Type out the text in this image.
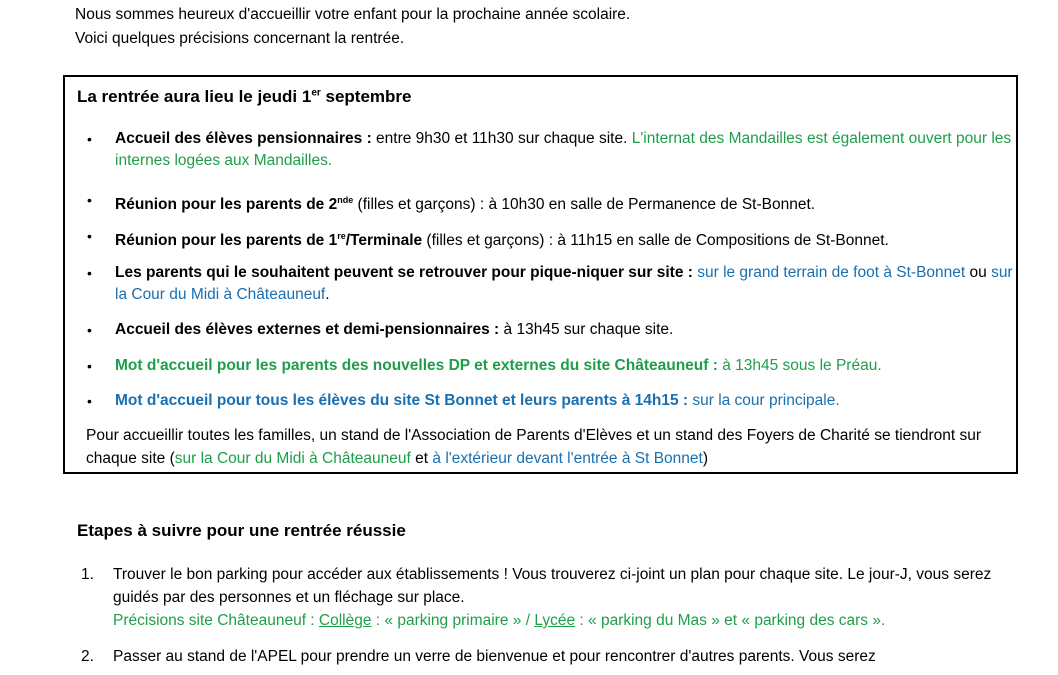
Nous sommes heureux d'accueillir votre enfant pour la prochaine année scolaire.
Voici quelques précisions concernant la rentrée.
La rentrée aura lieu le jeudi 1er septembre
• Accueil des élèves pensionnaires : entre 9h30 et 11h30 sur chaque site. L'internat des Mandailles est également ouvert pour les internes logées aux Mandailles.
• Réunion pour les parents de 2nde (filles et garçons) : à 10h30 en salle de Permanence de St-Bonnet.
• Réunion pour les parents de 1re/Terminale (filles et garçons) : à 11h15 en salle de Compositions de St-Bonnet.
• Les parents qui le souhaitent peuvent se retrouver pour pique-niquer sur site : sur le grand terrain de foot à St-Bonnet ou sur la Cour du Midi à Châteauneuf.
• Accueil des élèves externes et demi-pensionnaires : à 13h45 sur chaque site.
• Mot d'accueil pour les parents des nouvelles DP et externes du site Châteauneuf : à 13h45 sous le Préau.
• Mot d'accueil pour tous les élèves du site St Bonnet et leurs parents à 14h15 : sur la cour principale.
Pour accueillir toutes les familles, un stand de l'Association de Parents d'Elèves et un stand des Foyers de Charité se tiendront sur chaque site (sur la Cour du Midi à Châteauneuf et à l'extérieur devant l'entrée à St Bonnet)
Etapes à suivre pour une rentrée réussie
1. Trouver le bon parking pour accéder aux établissements ! Vous trouverez ci-joint un plan pour chaque site. Le jour-J, vous serez guidés par des personnes et un fléchage sur place.
Précisions site Châteauneuf : Collège : « parking primaire » / Lycée : « parking du Mas » et « parking des cars ».
2. Passer au stand de l'APEL pour prendre un verre de bienvenue et pour rencontrer d'autres parents. Vous serez
